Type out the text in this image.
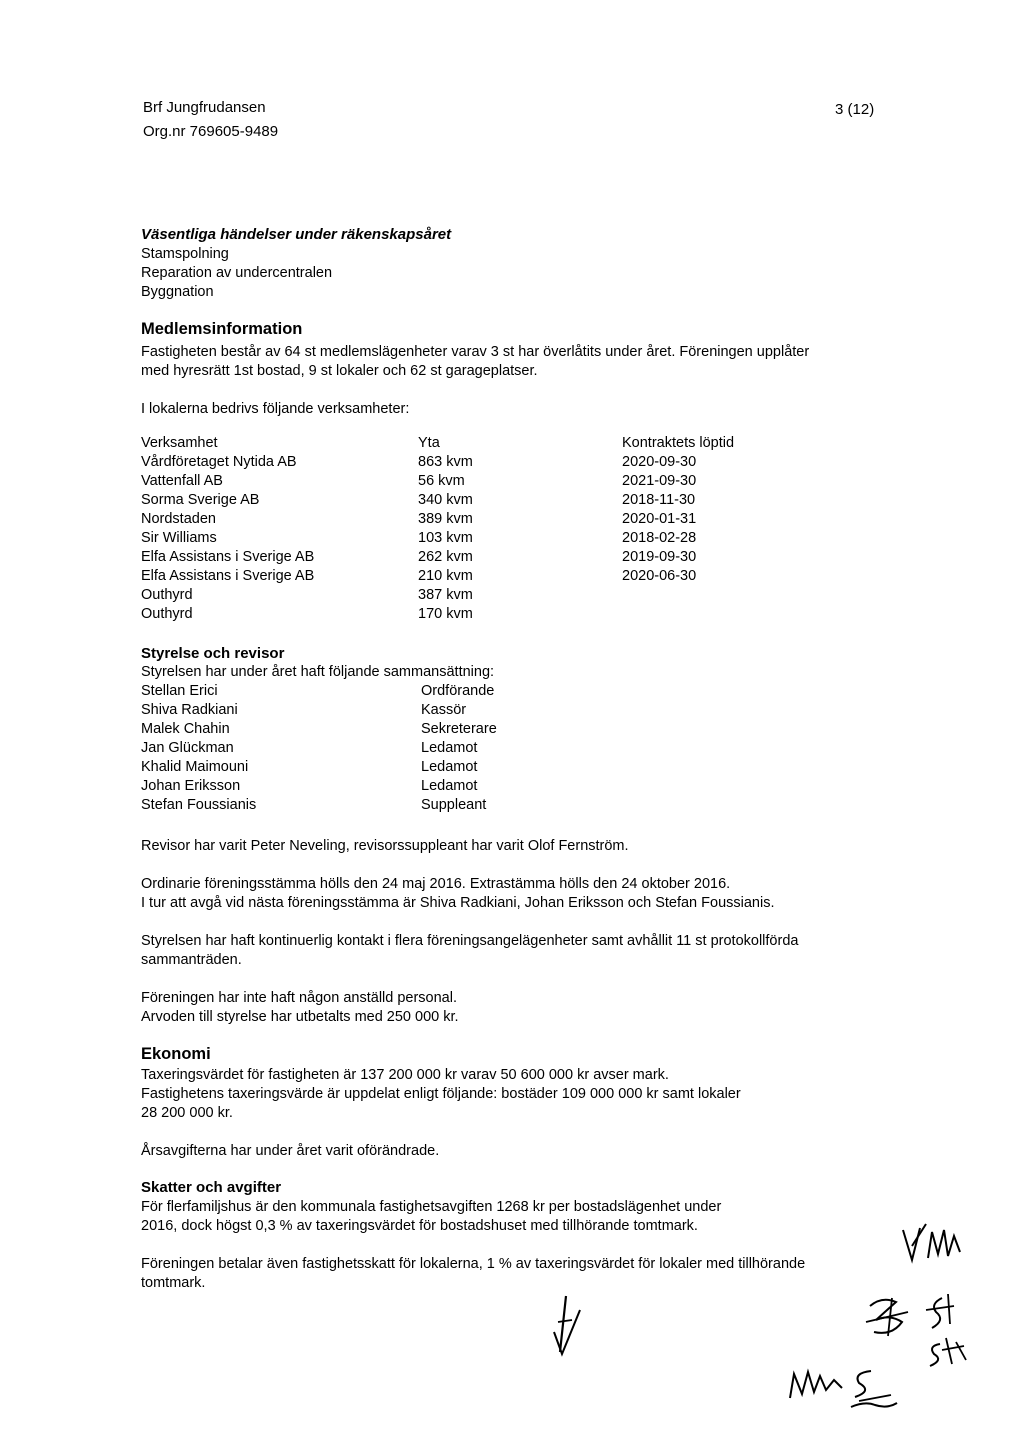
Brf Jungfrudansen
Org.nr 769605-9489
3 (12)
Väsentliga händelser under räkenskapsåret
Stamspolning
Reparation av undercentralen
Byggnation
Medlemsinformation
Fastigheten består av 64 st medlemslägenheter varav 3 st har överlåtits under året. Föreningen upplåter
med hyresrätt 1st bostad, 9 st lokaler och 62 st garageplatser.
I lokalerna bedrivs följande verksamheter:
Verksamhet	Yta	Kontraktets löptid
Vårdföretaget Nytida AB	863 kvm	2020-09-30
Vattenfall AB	56 kvm	2021-09-30
Sorma Sverige AB	340 kvm	2018-11-30
Nordstaden	389 kvm	2020-01-31
Sir Williams	103 kvm	2018-02-28
Elfa Assistans i Sverige AB	262 kvm	2019-09-30
Elfa Assistans i Sverige AB	210 kvm	2020-06-30
Outhyrd	387 kvm
Outhyrd	170 kvm
Styrelse och revisor
Styrelsen har under året haft följande sammansättning:
Stellan Erici	Ordförande
Shiva Radkiani	Kassör
Malek Chahin	Sekreterare
Jan Glückman	Ledamot
Khalid Maimouni	Ledamot
Johan Eriksson	Ledamot
Stefan Foussianis	Suppleant
Revisor har varit Peter Neveling, revisorssuppleant har varit Olof Fernström.
Ordinarie föreningsstämma hölls den 24 maj 2016. Extrastämma hölls den 24 oktober 2016.
I tur att avgå vid nästa föreningsstämma är Shiva Radkiani, Johan Eriksson och Stefan Foussianis.
Styrelsen har haft kontinuerlig kontakt i flera föreningsangelägenheter samt avhållit 11 st protokollförda
sammanträden.
Föreningen har inte haft någon anställd personal.
Arvoden till styrelse har utbetalts med 250 000 kr.
Ekonomi
Taxeringsvärdet för fastigheten är 137 200 000 kr varav 50 600 000 kr avser mark.
Fastighetens taxeringsvärde är uppdelat enligt följande: bostäder 109 000 000 kr samt lokaler
28 200 000 kr.
Årsavgifterna har under året varit oförändrade.
Skatter och avgifter
För flerfamiljshus är den kommunala fastighetsavgiften 1268 kr per bostadslägenhet under
2016, dock högst 0,3 % av taxeringsvärdet för bostadshuset med tillhörande tomtmark.
Föreningen betalar även fastighetsskatt för lokalerna, 1 % av taxeringsvärdet för lokaler med tillhörande
tomtmark.
